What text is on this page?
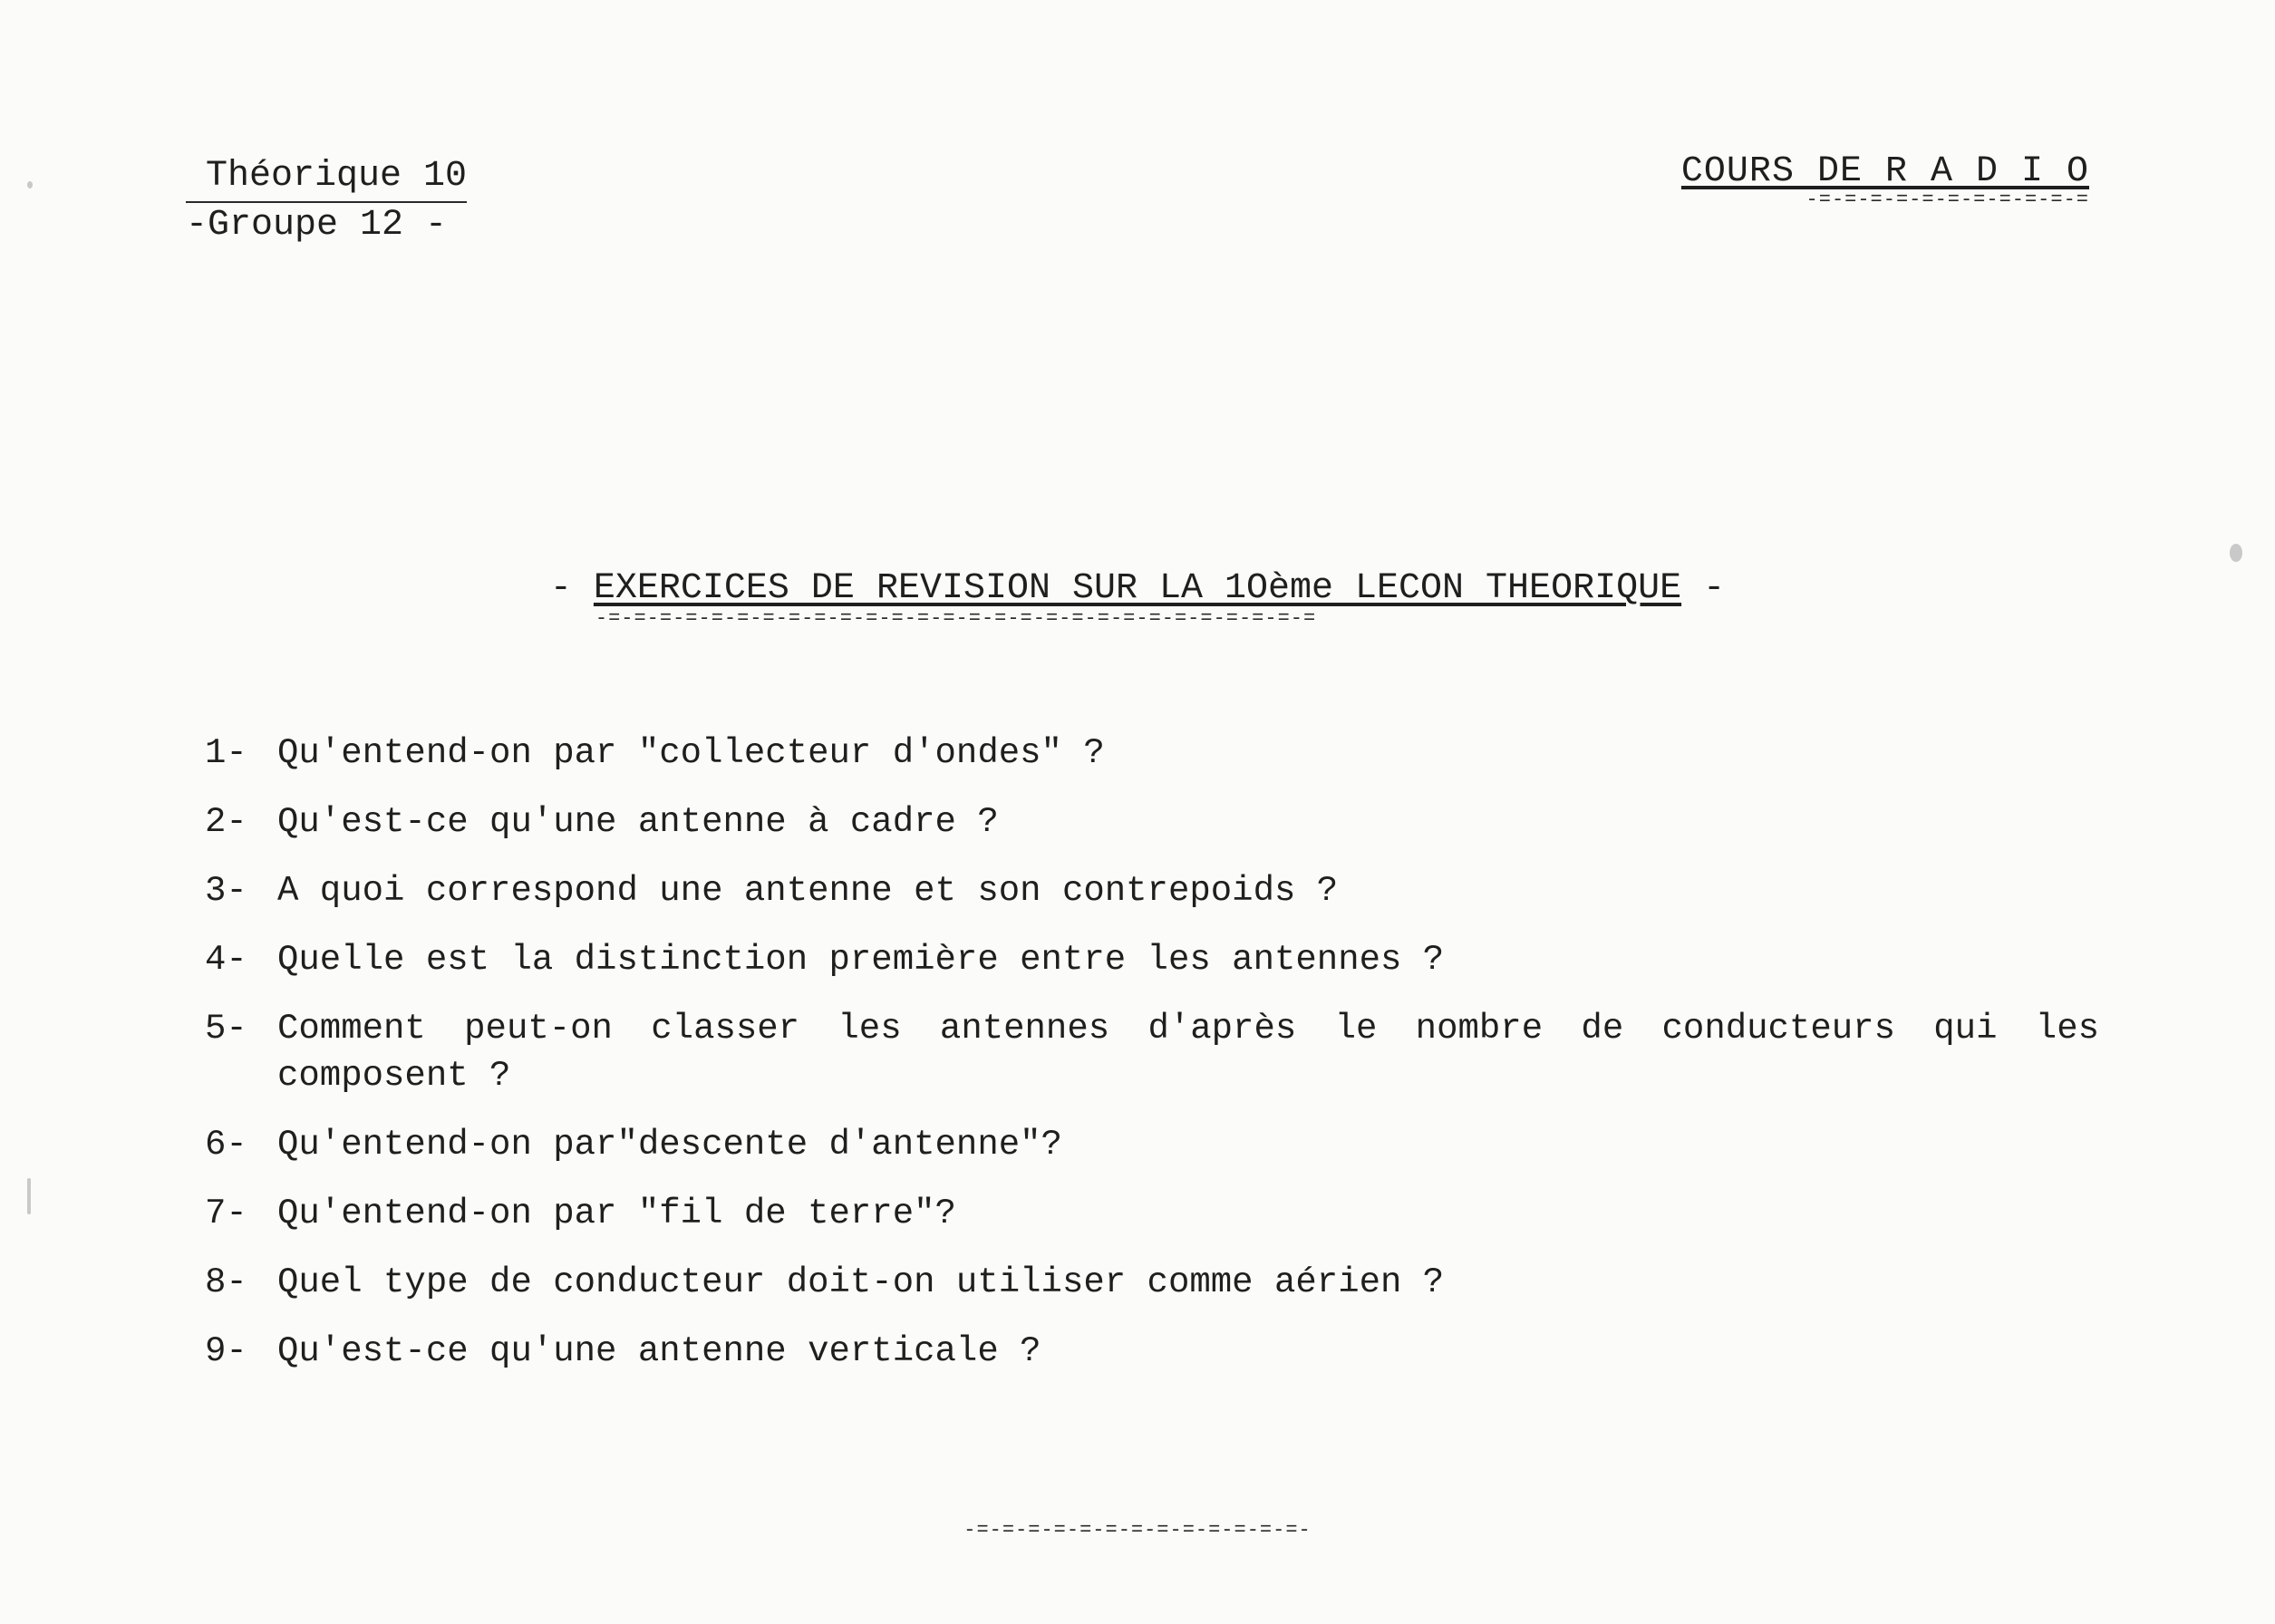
Théorique 10
-Groupe 12 -
COURS DE R A D I O
-=-=-=-=-=-=-=-=-=-=-=
- EXERCICES DE REVISION SUR LA 1Oème LECON THEORIQUE -
-=-=-=-=-=-=-=-=-=-=-=-=-=-=-=-=-=-=-=-=-=-=-=-=-=-=-=-=
1- Qu'entend-on par "collecteur d'ondes" ?
2- Qu'est-ce qu'une antenne à cadre ?
3- A quoi correspond une antenne et son contrepoids ?
4- Quelle est la distinction première entre les antennes ?
5- Comment peut-on classer les antennes d'après le nombre de conducteurs qui les composent ?
6- Qu'entend-on par"descente d'antenne"?
7- Qu'entend-on par "fil de terre"?
8- Quel type de conducteur doit-on utiliser comme aérien ?
9- Qu'est-ce qu'une antenne verticale ?
-=-=-=-=-=-=-=-=-=-=-=-=-=-
